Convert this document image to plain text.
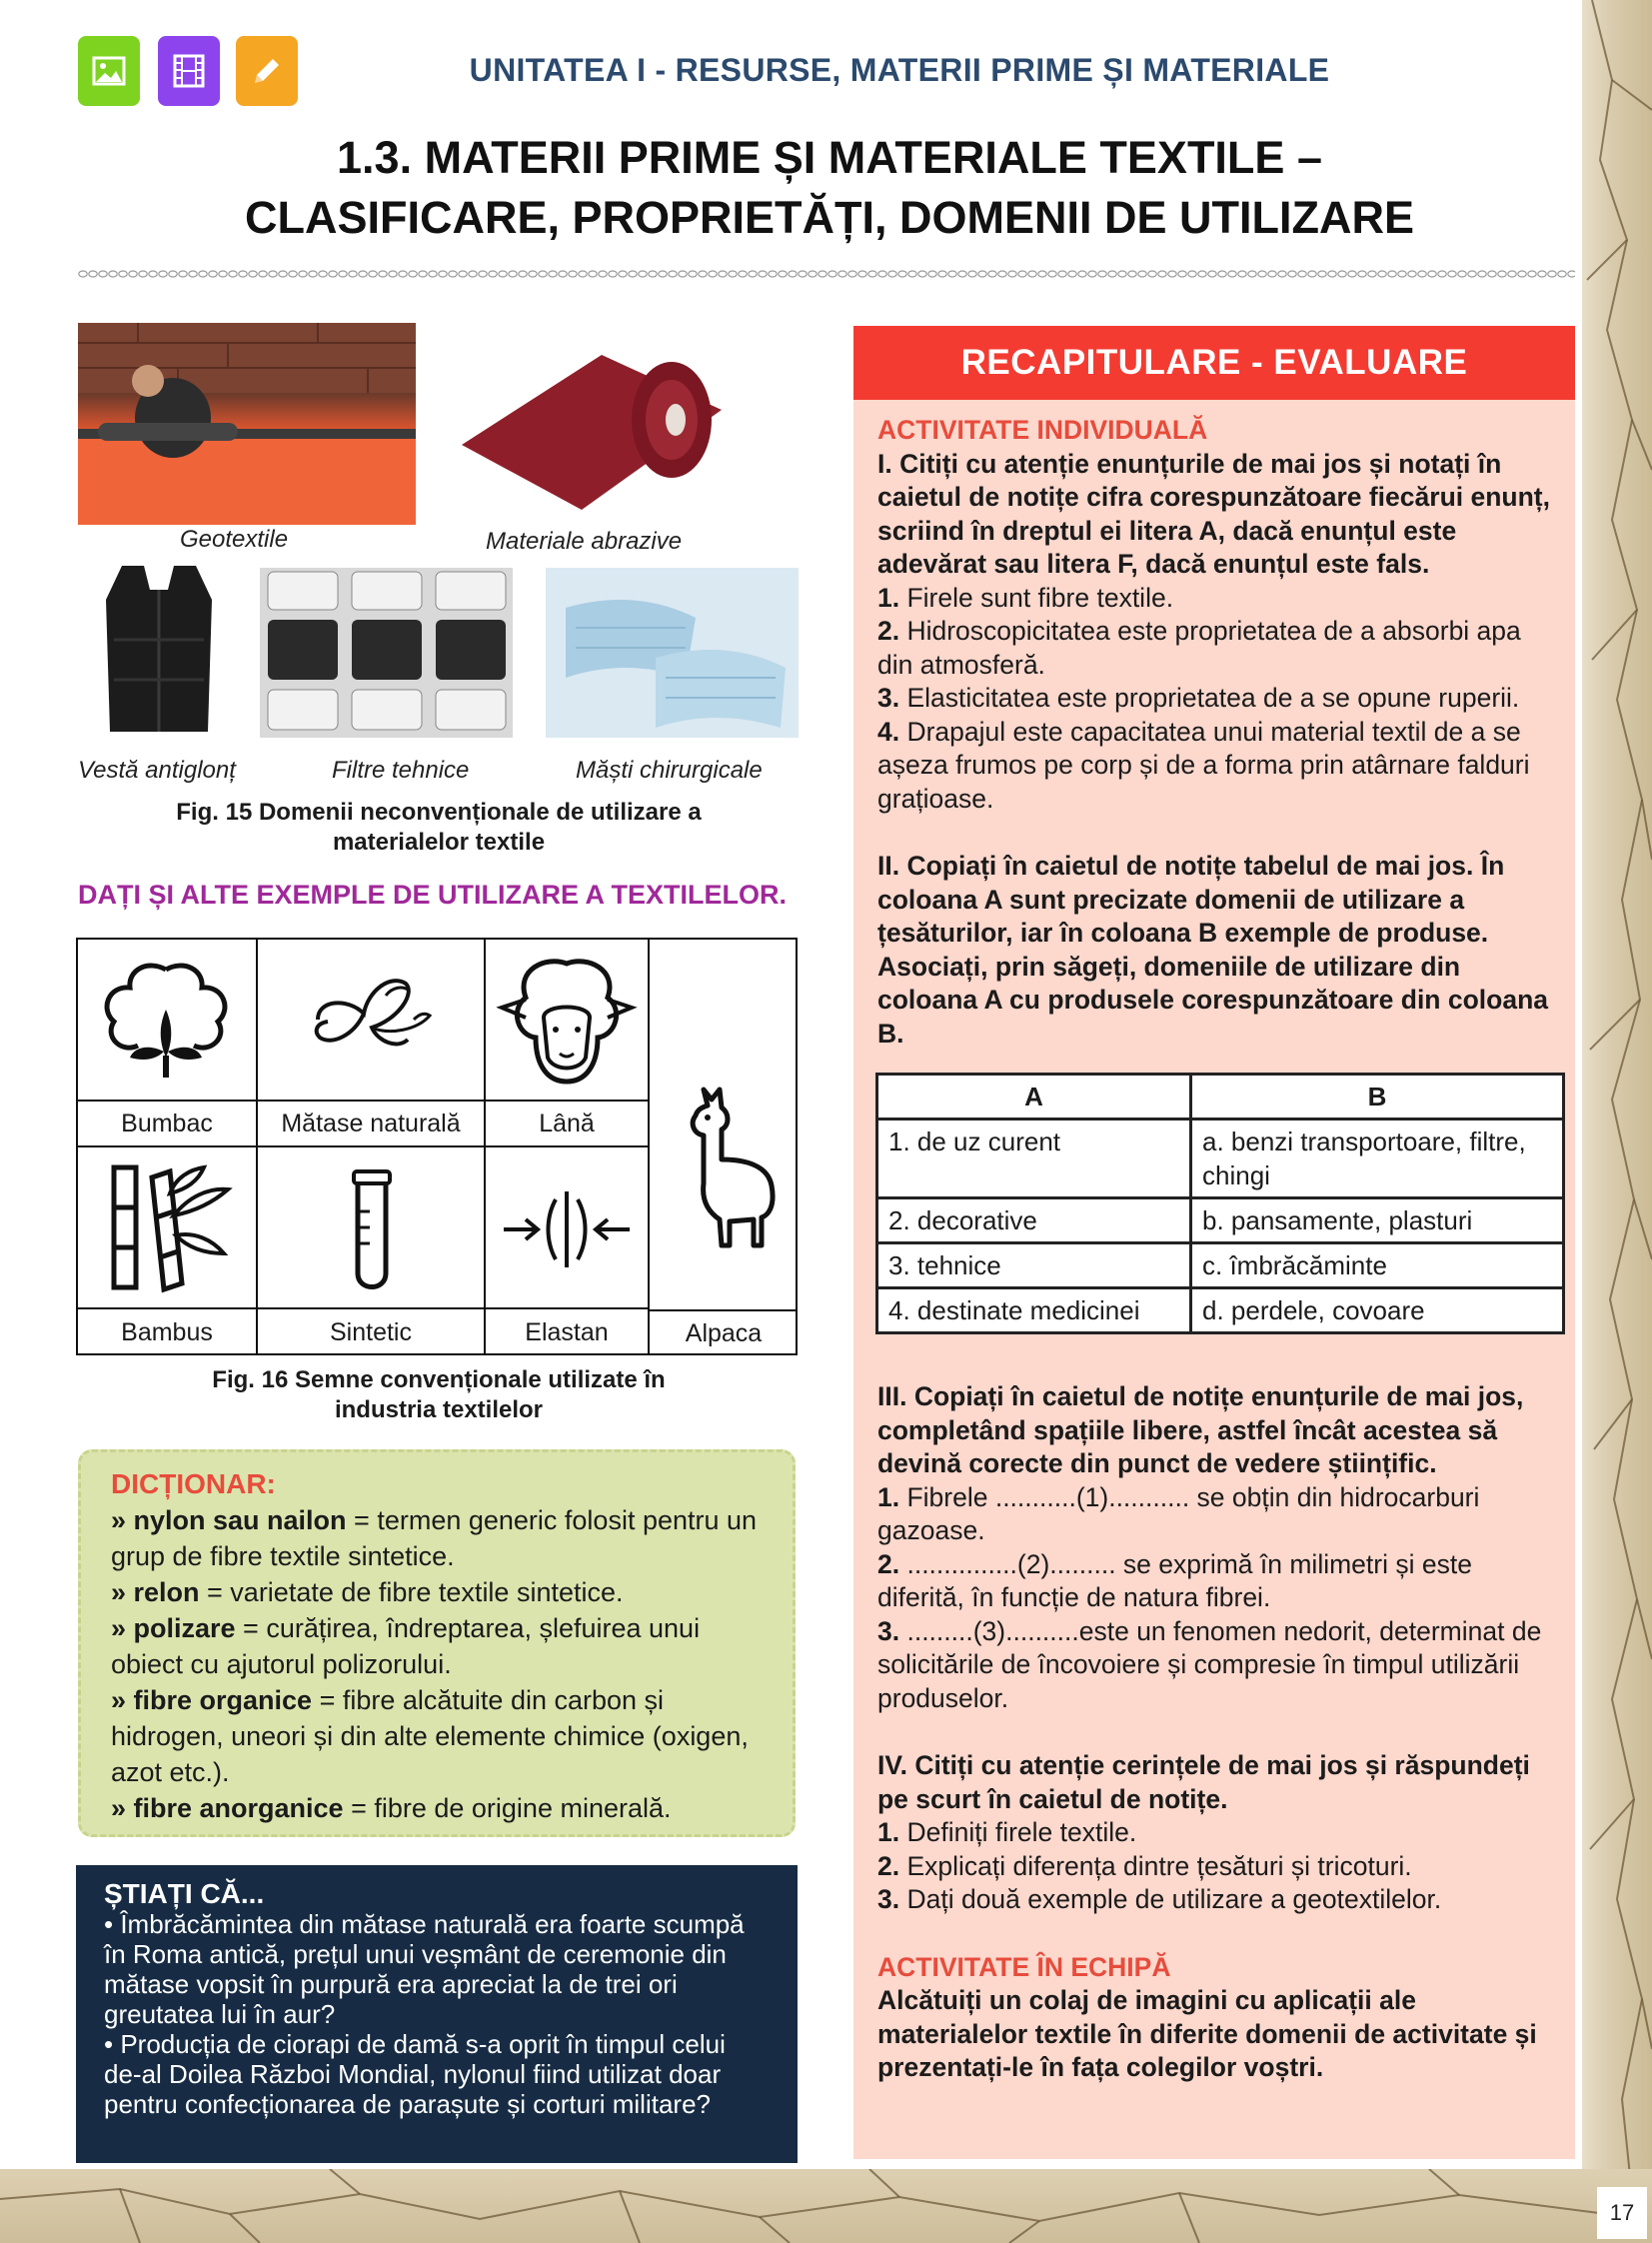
17
UNITATEA I - RESURSE, MATERII PRIME ȘI MATERIALE
1.3. MATERII PRIME ȘI MATERIALE TEXTILE –
CLASIFICARE, PROPRIETĂȚI, DOMENII DE UTILIZARE
Geotextile	Materiale abrazive
Vestă antiglonț	Filtre tehnice	Măști chirurgicale
Fig. 15 Domenii neconvenționale de utilizare a
materialelor textile
DAȚI ȘI ALTE EXEMPLE DE UTILIZARE A TEXTILELOR.
Bumbac	Mătase naturală	Lână
Bambus	Sintetic	Elastan	Alpaca
Fig. 16 Semne convenționale utilizate în
industria textilelor
DICȚIONAR:
» nylon sau nailon = termen generic folosit pentru un grup de fibre textile sintetice.
» relon = varietate de fibre textile sintetice.
» polizare = curățirea, îndreptarea, șlefuirea unui obiect cu ajutorul polizorului.
» fibre organice = fibre alcătuite din carbon și hidrogen, uneori și din alte elemente chimice (oxigen, azot etc.).
» fibre anorganice = fibre de origine minerală.
ȘTIAȚI CĂ...
• Îmbrăcămintea din mătase naturală era foarte scumpă în Roma antică, prețul unui veșmânt de ceremonie din mătase vopsit în purpură era apreciat la de trei ori greutatea lui în aur?
• Producția de ciorapi de damă s-a oprit în timpul celui de-al Doilea Război Mondial, nylonul fiind utilizat doar pentru confecționarea de parașute și corturi militare?
RECAPITULARE - EVALUARE
ACTIVITATE INDIVIDUALĂ
I. Citiți cu atenție enunțurile de mai jos și notați în caietul de notițe cifra corespunzătoare fiecărui enunț, scriind în dreptul ei litera A, dacă enunțul este adevărat sau litera F, dacă enunțul este fals.
1. Firele sunt fibre textile.
2. Hidroscopicitatea este proprietatea de a absorbi apa din atmosferă.
3. Elasticitatea este proprietatea de a se opune ruperii.
4. Drapajul este capacitatea unui material textil de a se așeza frumos pe corp și de a forma prin atârnare falduri grațioase.
II. Copiați în caietul de notițe tabelul de mai jos. În coloana A sunt precizate domenii de utilizare a țesăturilor, iar în coloana B exemple de produse. Asociați, prin săgeți, domeniile de utilizare din coloana A cu produsele corespunzătoare din coloana B.
A	B
1. de uz curent	a. benzi transportoare, filtre, chingi
2. decorative	b. pansamente, plasturi
3. tehnice	c. îmbrăcăminte
4. destinate medicinei	d. perdele, covoare
III. Copiați în caietul de notițe enunțurile de mai jos, completând spațiile libere, astfel încât acestea să devină corecte din punct de vedere științific.
1. Fibrele ...........(1)........... se obțin din hidrocarburi gazoase.
2. ...............(2)......... se exprimă în milimetri și este diferită, în funcție de natura fibrei.
3. .........(3)..........este un fenomen nedorit, determinat de solicitările de încovoiere și compresie în timpul utilizării produselor.
IV. Citiți cu atenție cerințele de mai jos și răspundeți pe scurt în caietul de notițe.
1. Definiți firele textile.
2. Explicați diferența dintre țesături și tricoturi.
3. Dați două exemple de utilizare a geotextilelor.
ACTIVITATE ÎN ECHIPĂ
Alcătuiți un colaj de imagini cu aplicații ale materialelor textile în diferite domenii de activitate și prezentați-le în fața colegilor voștri.
